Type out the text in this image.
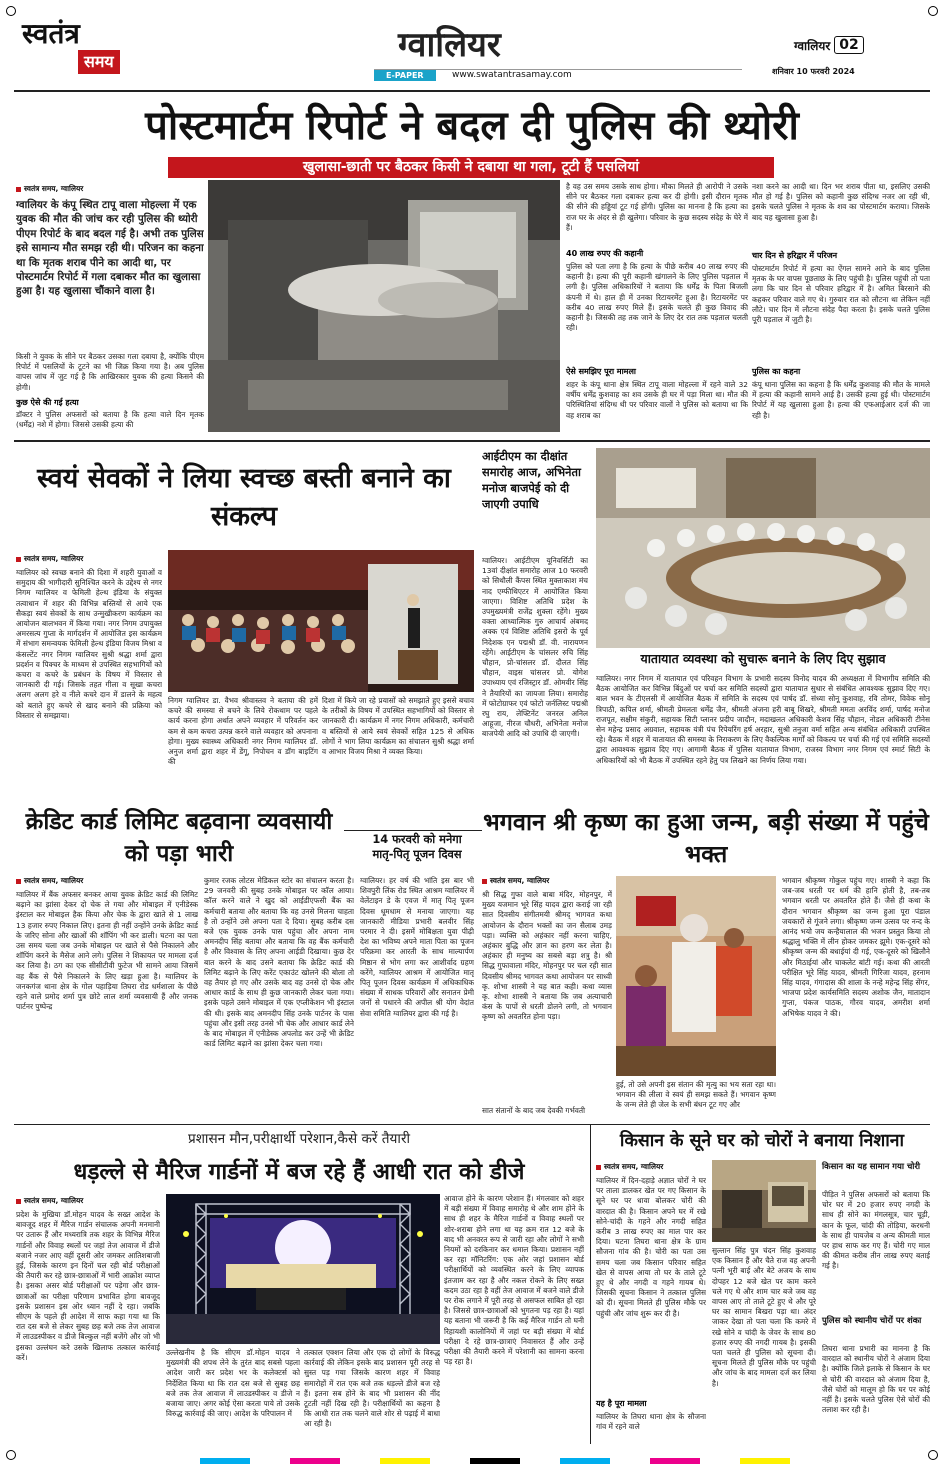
स्वतंत्र
समय	ग्वालियर
E-PAPER	www.swatantrasamay.com
ग्वालियर 02
शनिवार 10 फरवरी 2024
पोस्टमार्टम रिपोर्ट ने बदल दी पुलिस की थ्योरी
खुलासा-छाती पर बैठकर किसी ने दबाया था गला, टूटी हैं पसलियां
स्वतंत्र समय, ग्वालियर
ग्वालियर के कंपू स्थित टापू वाला मोहल्ला में एक युवक की मौत की जांच कर रही पुलिस की थ्योरी पीएम रिपोर्ट के बाद बदल गई है। अभी तक पुलिस इसे सामान्य मौत समझ रही थी। परिजन का कहना था कि मृतक शराब पीने का आदी था, पर पोस्टमार्टम रिपोर्ट में गला दबाकर मौत का खुलासा हुआ है। यह खुलासा चौंकाने वाला है।
किसी ने युवक के सीने पर बैठकर उसका गला दबाया है, क्योंकि पीएम रिपोर्ट में पसलियों के टूटने का भी जिक्र किया गया है। अब पुलिस वापस जांच में जुट गई है कि आखिरकार युवक की हत्या किसने की होगी।
कुछ ऐसे की गई हत्या
डॉक्टर ने पुलिस अफसरों को बताया है कि हत्या वाले दिन मृतक (धर्मेंद्र) नशे में होगा। जिससे उसकी हत्या की
है वह उस समय उसके साथ होगा। मौका मिलते ही आरोपी ने उसके सीने पर बैठकर गला दबाकर हत्या कर दी होगी। इसी दौरान मृतक की सीने की हड्डियां टूट गई होंगी। पुलिस का मानना है कि हत्या का राज घर के अंदर से ही खुलेगा। परिवार के कुछ सदस्य संदेह के घेरे में हैं।
40 लाख रुपए की कहानी
पुलिस को पता लगा है कि हत्या के पीछे करीब 40 लाख रुपए की कहानी है। हत्या की पूरी कहानी खंगालने के लिए पुलिस पड़ताल में लगी है। पुलिस अधिकारियों ने बताया कि धर्मेंद्र के पिता बिजली कंपनी में थे। हाल ही में उनका रिटायरमेंट हुआ है। रिटायरमेंट पर करीब 40 लाख रुपए मिले हैं। इसके चलते ही कुछ विवाद की कहानी है। जिसकी तह तक जाने के लिए देर रात तक पड़ताल चलती रही।
ऐसे समझिए पूरा मामला
शहर के कंपू थाना क्षेत्र स्थित टापू वाला मोहल्ला में रहने वाले 32 वर्षीय धर्मेंद्र कुशवाह का शव उसके ही घर में पड़ा मिला था। मौत की परिस्थितियां संदिग्ध थी पर परिवार वालों ने पुलिस को बताया था कि वह शराब का
नशा करने का आदी था। दिन भर शराब पीता था, इसलिए उसकी मौत हो गई है। पुलिस को कहानी कुछ संदिग्ध नजर आ रही थी, इसके चलते पुलिस ने मृतक के शव का पोस्टमार्टम कराया। जिसके बाद यह खुलासा हुआ है।
चार दिन से हरिद्वार में परिजन
पोस्टमार्टम रिपोर्ट में हत्या का ऐंगल सामने आने के बाद पुलिस मृतक के घर वापस पूछताछ के लिए पहुंची है। पुलिस पहुंची तो पता लगा कि चार दिन से परिवार हरिद्वार में है। अमित बिरसाने की कहकर परिवार वाले गए थे। गुरुवार रात को लौटना था लेकिन नहीं लौटे। चार दिन में लौटना संदेह पैदा करता है। इसके चलते पुलिस पूरी पड़ताल में जुटी है।
पुलिस का कहना
कंपू थाना पुलिस का कहना है कि धर्मेंद्र कुशवाह की मौत के मामले में हत्या की कहानी सामने आई है। उसकी हत्या हुई थी। पोस्टमार्टम रिपोर्ट में यह खुलासा हुआ है। हत्या की एफआईआर दर्ज की जा रही है।
स्वयं सेवकों ने लिया स्वच्छ बस्ती बनाने का संकल्प
स्वतंत्र समय, ग्वालियर
ग्वालियर को स्वच्छ बनाने की दिशा में शहरी युवाओं व समुदाय की भागीदारी सुनिश्चित करने के उद्देश्य से नगर निगम ग्वालियर व फेमिली हेल्थ इंडिया के संयुक्त तत्वाधान में शहर की विभिन्न बस्तियों से आये एक सैकड़ा स्वयं सेवकों के साथ उन्मुखीकरण कार्यक्रम का आयोजन बालभवन में किया गया। नगर निगम उपायुक्त अमरसत्य गुप्ता के मार्गदर्शन में आयोजित इस कार्यक्रम में संभाग समन्वयक फेमिली हेल्थ इंडिया विजय मिश्रा व कंसल्टेंट नगर निगम ग्वालियर सुश्री श्रद्धा शर्मा द्वारा प्रदर्शन व पिक्चर के माध्यम से उपस्थित सहभागियों को कचरा व कचरे के प्रबंधन के विषय में विस्तार से जानकारी दी गई। जिसके तहत गीला व सूखा कचरा अलग अलग हरे व नीले कचरे दान में डालने के महत्व को बताते हुए कचरे से खाद बनाने की प्रक्रिया को विस्तार से समझाया।
निगम ग्वालियर डा. वैभव श्रीवास्तव ने बताया की हमें कचरे की समस्या से बचने के लिये रोकथाम पर पहले कार्य करना होगा अर्थात अपने व्यवहार में परिवर्तन कर कम से कम कचरा उत्पन्न करने वाले व्यवहार को अपनाना होगा। मुख्य स्वास्थ्य अधिकारी नगर निगम ग्वालियर डॉ. अनुज शर्मा द्वारा शहर में डेंगू, निपोचन व डॉग बाइटिंग की
दिशा में किये जा रहे प्रयासों को समझाते हुए इससे बचाव के तरीकों के विषय में उपस्थित सहभागियों को विस्तार से जानकारी दी। कार्यक्रम में नगर निगम अधिकारी, कर्मचारी व बस्तियों से आये स्वयं सेवकों सहित 125 से अधिक लोगों ने भाग लिया कार्यक्रम का संचालन सुश्री श्रद्धा शर्मा व आभार विजय मिश्रा ने व्यक्त किया।
आईटीएम का दीक्षांत समारोह आज, अभिनेता मनोज बाजपेई को दी जाएगी उपाधि
ग्वालियर। आईटीएम यूनिवर्सिटी का 13वां दीक्षांत समारोह आज 10 फरवरी को सिथौली कैंपस स्थित मुक्ताकाश मंच नाद एम्फीथिएटर में आयोजित किया जाएगा। विशिष्ट अतिथि प्रदेश के उपमुख्यमंत्री राजेंद्र शुक्ला रहेंगे। मुख्य वक्ता आध्यात्मिक गुरु आचार्य अंबमद अक्क एवं विशिष्ट अतिथि इसरो के पूर्व निदेशक एन पद्मश्री डॉ. वी. नारायणन रहेंगे। आईटीएम के चांसलर रुचि सिंह चौहान, प्रो-चांसलर डॉ. दौलत सिंह चौहान, वाइस चांसलर प्रो. योगेश उपाध्याय एवं रजिस्ट्रार डॉ. ओमवीर सिंह ने तैयारियों का जायजा लिया। समारोह में फोटोग्राफर एवं फोटो जर्नलिस्ट पद्मश्री रघु राय, लेफ्टिनेंट जनरल अनिल आहूजा, नीरज चौधरी, अभिनेता मनोज बाजपेयी आदि को उपाधि दी जाएगी।
यातायात व्यवस्था को सुचारू बनाने के लिए दिए सुझाव
ग्वालियर। नगर निगम में यातायात एवं परिवहन विभाग के प्रभारी सदस्य विनोद यादव की अध्यक्षता में विभागीय समिति की बैठक आयोजित कर विभिन्न बिंदुओं पर चर्चा कर समिति सदस्यों द्वारा यातायात सुधार से संबंधित आवश्यक सुझाव दिए गए। बाल भवन के टीएलसी में आयोजित बैठक में समिति के सदस्य एवं पार्षद डॉ. संध्या सोनू कुशवाह, रवि तोमर, विवेक सोनू त्रिपाठी, कपिल शर्मा, श्रीमती प्रेमलता धर्मेंद्र जैन, श्रीमती अंजना हरी बाबू शिखरे, श्रीमती ममता अरविंद शर्मा, पार्षद मनोज राजपूत, सक्षीम संकुरी, सहायक सिटी प्लानर प्रदीप जादौन, मदाखलत अधिकारी केशव सिंह चौहान, नोडल अधिकारी टीनेस सेन महेन्द्र प्रसाद अग्रवाल, सहायक यंत्री पंच रिपेयरिंग हर्ष अरहार, सुश्री तनुजा वर्मा सहित अन्य संबंधित अधिकारी उपस्थित रहे। बैठक में शहर में यातायात की समस्या के निराकरण के लिए वैकल्पिक मार्गों को विकल्प पर चर्चा की गई एवं समिति सदस्यों द्वारा आवश्यक सुझाव दिए गए। आगामी बैठक में पुलिस यातायात विभाग, राजस्व विभाग नगर निगम एवं स्मार्ट सिटी के अधिकारियों को भी बैठक में उपस्थित रहने हेतु पत्र लिखने का निर्णय लिया गया।
क्रेडिट कार्ड लिमिट बढ़वाना व्यवसायी को पड़ा भारी
स्वतंत्र समय, ग्वालियर
ग्वालियर में बैंक अफसर बनकर आया युवक क्रेडिट कार्ड की लिमिट बढ़ाने का झांसा देकर दो चेक ले गया और मोबाइल में एनीडेस्क इंस्टाल कर मोबाइल हैक किया और चेक के द्वारा खाते से 1 लाख 13 हजार रुपए निकाल लिए। इतना ही नहीं उन्होंने उनके क्रेडिट कार्ड के जरिए सोना और खाओं की शॉपिंग भी कर डाली। घटना का पता उस समय चला जब उनके मोबाइल पर खाते से पैसे निकालने और शॉपिंग करने के मैसेज आने लगे। पुलिस ने शिकायत पर मामला दर्ज कर लिया है। ठग का एक सीसीटीवी फुटेज भी सामने आया जिसमें वह बैंक से पैसे निकालने के लिए खड़ा हुआ है। ग्वालियर के जनकगंज थाना क्षेत्र के गोल पहाड़िया तिघरा रोड धर्मशाला के पीछे रहने वाले प्रमोद शर्मा पुत्र छोटे लाल शर्मा व्यवसायी हैं और जनक पार्टनर पुष्पेन्द्र
कुमार रजक लोटस मेडिकल स्टोर का संचालन करता है। 29 जनवरी की सुबह उनके मोबाइल पर कॉल आया। कॉल करने वाले ने खुद को आईडीएफसी बैंक का कर्मचारी बताया और बताया कि वह उनसे मिलना चाहता है तो उन्होंने उसे अपना पता दे दिया। सुबह करीब दस बजे एक युवक उनके पास पहुंचा और अपना नाम अमनदीप सिंह बताया और बताया कि वह बैंक कर्मचारी है और विश्वास के लिए अपना आईडी दिखाया। कुछ देर बात करने के बाद उसने बताया कि क्रेडिट कार्ड की लिमिट बढ़ाने के लिए करेंट एकाउंट खोलने की बोला तो वह तैयार हो गए और उसके बाद वह उनसे दो चेक और आधार कार्ड के साथ ही कुछ जानकारी लेकर चला गया। इसके पहले उसने मोबाइल में एक एप्लीकेशन भी इंस्टाल की थी। इसके बाद अमनदीप सिंह उनके पार्टनर के पास पहुंचा और इसी तरह उनसे भी चेक और आधार कार्ड लेने के बाद मोबाइल में एनीडेस्क अपलोड कर उन्हें भी क्रेडिट कार्ड लिमिट बढ़ाने का झांसा देकर चला गया।
14 फरवरी को मनेगा मातृ-पितृ पूजन दिवस
ग्वालियर। हर वर्ष की भांति इस बार भी शिवपुरी लिंक रोड स्थित आश्रम ग्वालियर में वेलेंटाइन डे के एवज में मातृ पितृ पूजन दिवस धूमधाम से मनाया जाएगा। यह जानकारी मीडिया प्रभारी बलवीर सिंह परमार ने दी। इसमें मोबिक्षता युवा पीढ़ी देश का भविष्य अपने माता पिता का पूजन परिक्रमा कर आरती के साथ माल्यार्पण मिष्ठान से भोग लगा कर आशीर्वाद ग्रहण करेंगे, ग्वालियर आश्रम में आयोजित मातृ पितृ पूजन दिवस कार्यक्रम में अधिकाधिक संख्या में साधक परिवारों और सनातन प्रेमी जनों से पधारने की अपील श्री योग वेदांत सेवा समिति ग्वालियर द्वारा की गई है।
भगवान श्री कृष्ण का हुआ जन्म, बड़ी संख्या में पहुंचे भक्त
स्वतंत्र समय, ग्वालियर
श्री सिद्ध गुफा वाले बाबा मंदिर, मोहनपुर, में मुख्य यजमान भूरे सिंह यादव द्वारा कराई जा रही सात दिवसीय संगीतमयी श्रीमद् भागवत कथा आयोजन के दौरान भक्तों का जन सैलाब उमड़ पड़ा। व्यक्ति को अहंकार नहीं करना चाहिए, अहंकार बुद्धि और ज्ञान का हरण कर लेता है। अहंकार ही मनुष्य का सबसे बड़ा शत्रु है। श्री सिद्ध गुफावाला मंदिर, मोहनपुर पर चल रही सात दिवसीय श्रीमद भागवत कथा आयोजन पर साध्वी कृ. शोभा शास्त्री ने यह बात कही। कथा व्यास कृ. शोभा शास्त्री ने बताया कि जब अत्याचारी कंस के पापों से धरती डोलने लगी, तो भगवान कृष्ण को अवतरित होना पड़ा।
सात संतानों के बाद जब देवकी गर्भवती
हुई, तो उसे अपनी इस संतान की मृत्यु का भय सता रहा था। भगवान की लीला वे स्वयं ही समझ सकते हैं। भगवान कृष्ण के जन्म लेते ही जेल के सभी बंधन टूट गए और
भगवान श्रीकृष्ण गोकुल पहुंच गए। शास्त्री ने कहा कि जब-जब धरती पर धर्म की हानि होती है, तब-तब भगवान धरती पर अवतरित होते हैं। जैसे ही कथा के दौरान भगवान श्रीकृष्ण का जन्म हुआ पूरा पंडाल जयकारों से गूंजने लगा। श्रीकृष्ण जन्म उत्सव पर नन्द के आनंद भयो जय कन्हैयालाल की भजन प्रस्तुत किया तो श्रद्धालु भक्ति में लीन होकर जमकर झूमे। एक-दूसरे को श्रीकृष्ण जन्म की बधाईयां दी गई, एक-दूसरे को खिलौने और मिठाईयां और चाकलेट बांटी गई। कथा की आरती परीक्षित भूरे सिंह यादव, श्रीमती गिरिजा यादव, हरनाम सिंह यादव, गंगादास की शाला के नन्हे महेन्द्र सिंह सेंगर, भाजपा प्रदेश कार्यसमिति सदस्य अशोक जैन, मातादान गुप्ता, पंकज पाठक, गौरव यादव, अमरीश शर्मा अभिषेक यादव ने की।
प्रशासन मौन,परीक्षार्थी परेशान,कैसे करें तैयारी
धड़ल्ले से मैरिज गार्डनों में बज रहे हैं आधी रात को डीजे
स्वतंत्र समय, ग्वालियर
प्रदेश के मुखिया डॉ.मोहन यादव के सख्त आदेश के बावजूद शहर में मैरिज गार्डन संचालक अपनी मनमानी पर उतारू हैं और मध्यरात्रि तक शहर के विभिन्न मैरिज गार्डनों और विवाह स्थलों पर जहां तेज आवाज में डीजे बजाने नजर आए वहीं दूसरी ओर जमकर आतिशबाजी हुई, जिसके कारण इन दिनों चल रही बोर्ड परीक्षाओं की तैयारी कर रहे छात्र-छात्राओं में भारी आक्रोश व्याप्त है। इसका असर बोर्ड परीक्षाओं पर पड़ेगा और छात्र-छात्राओं का परीक्षा परिणाम प्रभावित होगा बावजूद इसके प्रशासन इस ओर ध्यान नहीं दे रहा। जबकि सीएम के पहले ही आदेश में साफ कहा गया था कि रात दस बजे से लेकर सुबह छह बजे तक तेज आवाज में लाउडस्पीकर व डीजे बिल्कुल नहीं बजेंगे और जो भी इसका उल्लंघन करे उसके खिलाफ तत्काल कार्रवाई करें।
उल्लेखनीय है कि सीएम डॉ.मोहन यादव ने मुख्यमंत्री की शपथ लेने के तुरंत बाद सबसे पहला आदेश जारी कर प्रदेश भर के कलेक्टर्स को निर्देशित किया था कि रात दस बजे से सुबह छह बजे तक तेज आवाज में लाउडस्पीकर व डीजे न बजाया जाए। अगर कोई ऐसा करता पाये तो उसके विरुद्ध कार्रवाई की जाए। आदेश के परिपालन में
तत्काल एक्शन लिया और एक दो लोगों के विरुद्ध कार्रवाई की लेकिन इसके बाद प्रशासन पूरी तरह से सुस्त पड़ गया जिसके कारण शहर में विवाह समारोहों में रात एक बजे तक धड़ल्ले डीजे बज रहे हैं। इतना सब होने के बाद भी प्रशासन की नींद टूटती नहीं दिख रही है। परीक्षार्थियों का कहना है कि आधी रात तक चलने वाले शोर से पढ़ाई में बाधा आ रही है।
आवाज होने के कारण परेशान हैं। मंगलवार को शहर में बड़ी संख्या में विवाह समारोह थे और शाम होने के साथ ही शहर के मैरिज गार्डनों व विवाह स्थलों पर शोर-शराबा होने लगा था यह क्रम रात 12 बजे के बाद भी अनवरत रूप से जारी रहा और लोगों ने सभी नियमों को दरकिनार कर धमाल किया। प्रशासन नहीं कर रहा मॉनिटरिंग: एक ओर जहां प्रशासन बोर्ड परीक्षार्थियों को व्यवस्थित करने के लिए व्यापक इंतजाम कर रहा है और नकल रोकने के लिए सख्त कदम उठा रहा है वहीं तेज आवाज में बजने वाले डीजे पर रोक लगाने में पूरी तरह से असफल साबित हो रहा है। जिससे छात्र-छात्राओं को भुगतना पड़ रहा है। यहां यह बताना भी जरूरी है कि कई मैरिज गार्डन तो घनी रिहायशी कालोनियों में जहां पर बड़ी संख्या में बोर्ड परीक्षा दे रहे छात्र-छात्राएं निवासरत हैं और उन्हें परीक्षा की तैयारी करने में परेशानी का सामना करना पड़ रहा है।
किसान के सूने घर को चोरों ने बनाया निशाना
स्वतंत्र समय, ग्वालियर
ग्वालियर में दिन-दहाड़े अज्ञात चोरों ने घर पर ताला डालकर खेत पर गए किसान के सूने घर पर धावा बोलकर चोरी की वारदात की है। किसान अपने घर में रखे सोने-चांदी के गहने और नगदी सहित करीब 3 लाख रुपए का माल पार कर दिया। घटना तिघरा थाना क्षेत्र के ग्राम सौजना गांव की है। चोरी का पता उस समय चला जब किसान परिवार सहित खेत से वापस आया तो घर के ताले टूटे हुए थे और नगदी व गहने गायब थे। जिसकी सूचना किसान ने तत्काल पुलिस को दी। सूचना मिलते ही पुलिस मौके पर पहुंची और जांच शुरू कर दी है।
यह है पूरा मामला
ग्वालियर के तिघरा थाना क्षेत्र के सौजना गांव में रहने वाले
सुल्तान सिंह पुत्र चंदन सिंह कुशवाह एक किसान हैं और चैते राज वह अपनी पत्नी भूरी बाई और बेटे अजय के साथ दोपहर 12 बजे खेत पर काम करने चले गए थे और शाम चार बजे जब वह वापस आए तो ताले टूटे हुए थे और पूरे घर का सामान बिखरा पड़ा था। अंदर जाकर देखा तो पता चला कि कमरे में रखे सोने व चांदी के जेवर के साथ 80 हजार रुपए की नगदी गायब है। इसकी पता चलते ही पुलिस को सूचना दी। सूचना मिलते ही पुलिस मौके पर पहुंची और जांच के बाद मामला दर्ज कर लिया है।
किसान का यह सामान गया चोरी
पीड़ित ने पुलिस अफसरों को बताया कि चोर घर में 20 हजार रुपए नगदी के साथ ही सोने का मंगलसूत्र, चार चूड़ी, कान के फूल, चांदी की तोड़िया, करधनी के साथ ही पायजेब व अन्य कीमती माल पर हाथ साफ कर गए हैं। चोरी गए माल की कीमत करीब तीन लाख रुपए बताई गई है।
पुलिस को स्थानीय चोरों पर शंका
तिघरा थाना प्रभारी का मानना है कि वारदात को स्थानीय चोरों ने अंजाम दिया है। क्योंकि जिले इलाके से किसान के घर से चोरी की वारदात को अंजाम दिया है, जैसे चोरों को मालूम हो कि घर पर कोई नहीं है। इसके चलते पुलिस ऐसे चोरों की तलाश कर रही है।
